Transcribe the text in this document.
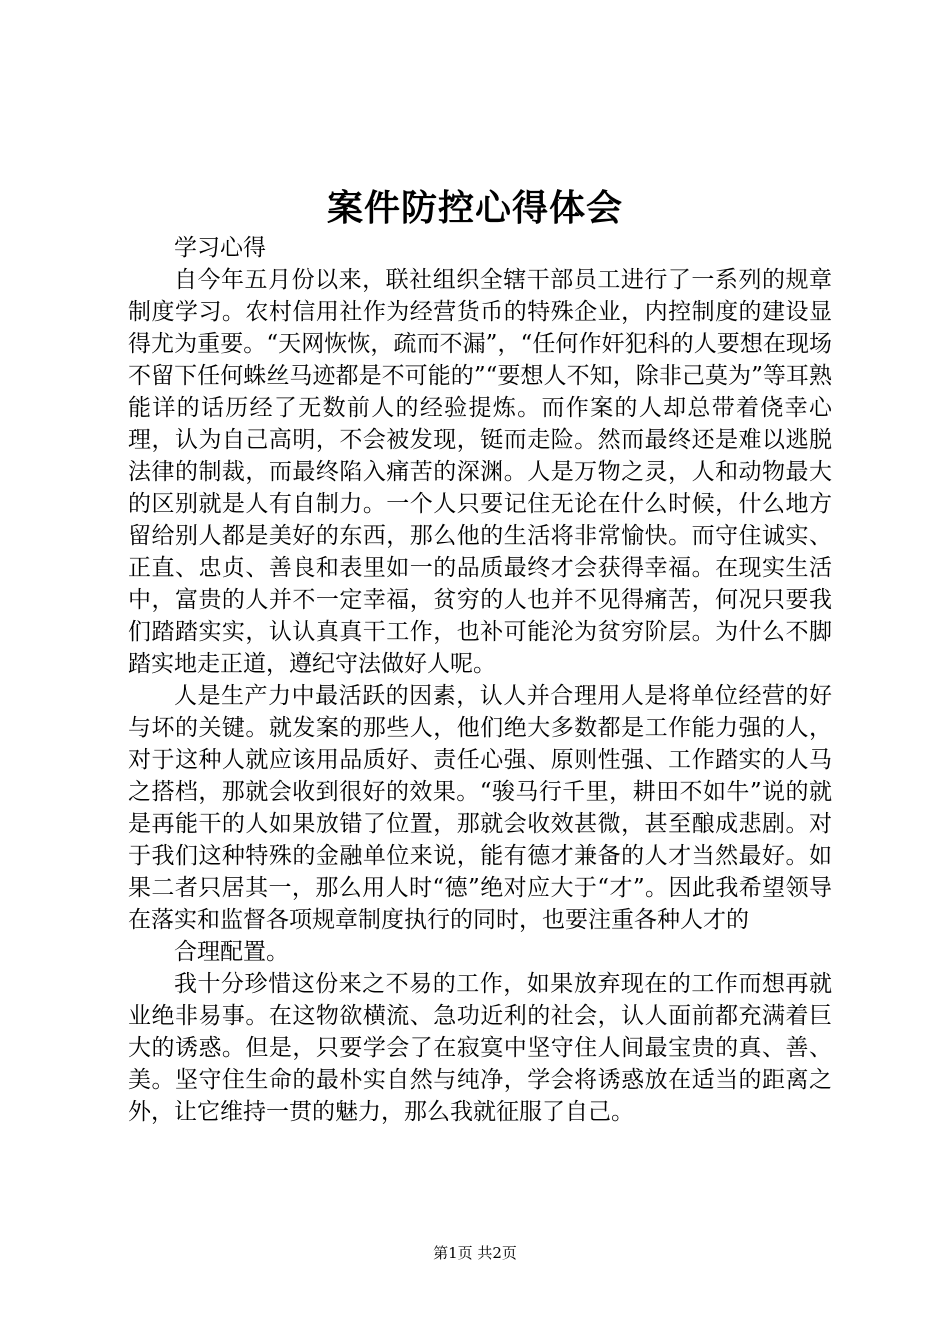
案件防控心得体会

学习心得

自今年五月份以来，联社组织全辖干部员工进行了一系列的规章制度学习。农村信用社作为经营货币的特殊企业，内控制度的建设显得尤为重要。“天网恢恢，疏而不漏”，“任何作奸犯科的人要想在现场不留下任何蛛丝马迹都是不可能的”“要想人不知，除非己莫为”等耳熟能详的话历经了无数前人的经验提炼。而作案的人却总带着侥幸心理，认为自己高明，不会被发现，铤而走险。然而最终还是难以逃脱法律的制裁，而最终陷入痛苦的深渊。人是万物之灵，人和动物最大的区别就是人有自制力。一个人只要记住无论在什么时候，什么地方留给别人都是美好的东西，那么他的生活将非常愉快。而守住诚实、正直、忠贞、善良和表里如一的品质最终才会获得幸福。在现实生活中，富贵的人并不一定幸福，贫穷的人也并不见得痛苦，何况只要我们踏踏实实，认认真真干工作，也补可能沦为贫穷阶层。为什么不脚踏实地走正道，遵纪守法做好人呢。

人是生产力中最活跃的因素，认人并合理用人是将单位经营的好与坏的关键。就发案的那些人，他们绝大多数都是工作能力强的人，对于这种人就应该用品质好、责任心强、原则性强、工作踏实的人马之搭档，那就会收到很好的效果。“骏马行千里，耕田不如牛”说的就是再能干的人如果放错了位置，那就会收效甚微，甚至酿成悲剧。对于我们这种特殊的金融单位来说，能有德才兼备的人才当然最好。如果二者只居其一，那么用人时“德”绝对应大于“才”。因此我希望领导在落实和监督各项规章制度执行的同时，也要注重各种人才的

合理配置。

我十分珍惜这份来之不易的工作，如果放弃现在的工作而想再就业绝非易事。在这物欲横流、急功近利的社会，认人面前都充满着巨大的诱惑。但是，只要学会了在寂寞中坚守住人间最宝贵的真、善、美。坚守住生命的最朴实自然与纯净，学会将诱惑放在适当的距离之外，让它维持一贯的魅力，那么我就征服了自己。

第1页 共2页
